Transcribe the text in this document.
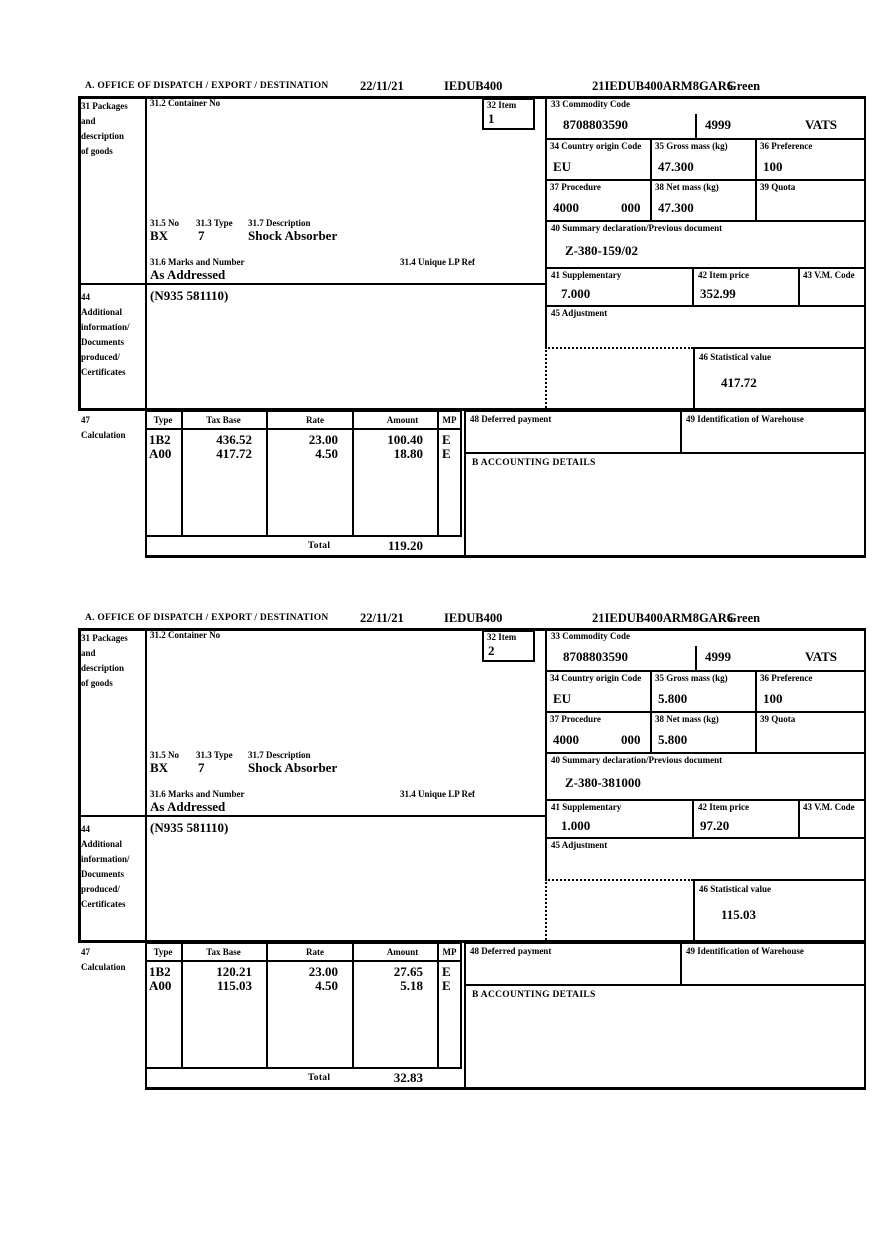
A. OFFICE OF DISPATCH / EXPORT / DESTINATION	22/11/21	IEDUB400	21IEDUB400ARM8GAR6
Green
31 Packages
and
description
of goods
44
Additional
information/
Documents
produced/
Certificates
47
Calculation
31.2 Container No	32 Item
1
31.5 No 31.3 Type 31.7 Description
BX 7	Shock Absorber
31.6 Marks and Number	31.4 Unique LP Ref
As Addressed
(N935 581110)
33 Commodity Code
8708803590	4999	VATS
34 Country origin Code
EU
35 Gross mass (kg)
47.300
36 Preference
100
37 Procedure
4000	000
38 Net mass (kg)
47.300
39 Quota
40 Summary declaration/Previous document
Z-380-159/02
41 Supplementary
7.000
42 Item price
352.99
43 V.M. Code
45 Adjustment
46 Statistical value
417.72
Type	Tax Base	Rate	Amount	MP
1B2	436.52	23.00	100.40 E
A00	417.72	4.50	18.80 E
Total	119.20
48 Deferred payment	49 Identification of Warehouse
B ACCOUNTING DETAILS
A. OFFICE OF DISPATCH / EXPORT / DESTINATION	22/11/21	IEDUB400	21IEDUB400ARM8GAR6
Green
31 Packages
and
description
of goods
44
Additional
information/
Documents
produced/
Certificates
47
Calculation
31.2 Container No	32 Item
2
31.5 No 31.3 Type 31.7 Description
BX 7	Shock Absorber
31.6 Marks and Number	31.4 Unique LP Ref
As Addressed
(N935 581110)
33 Commodity Code
8708803590	4999	VATS
34 Country origin Code
EU
35 Gross mass (kg)
5.800
36 Preference
100
37 Procedure
4000	000
38 Net mass (kg)
5.800
39 Quota
40 Summary declaration/Previous document
Z-380-381000
41 Supplementary
1.000
42 Item price
97.20
43 V.M. Code
45 Adjustment
46 Statistical value
115.03
Type	Tax Base	Rate	Amount	MP
1B2	120.21	23.00	27.65 E
A00	115.03	4.50	5.18 E
Total	32.83
48 Deferred payment	49 Identification of Warehouse
B ACCOUNTING DETAILS
